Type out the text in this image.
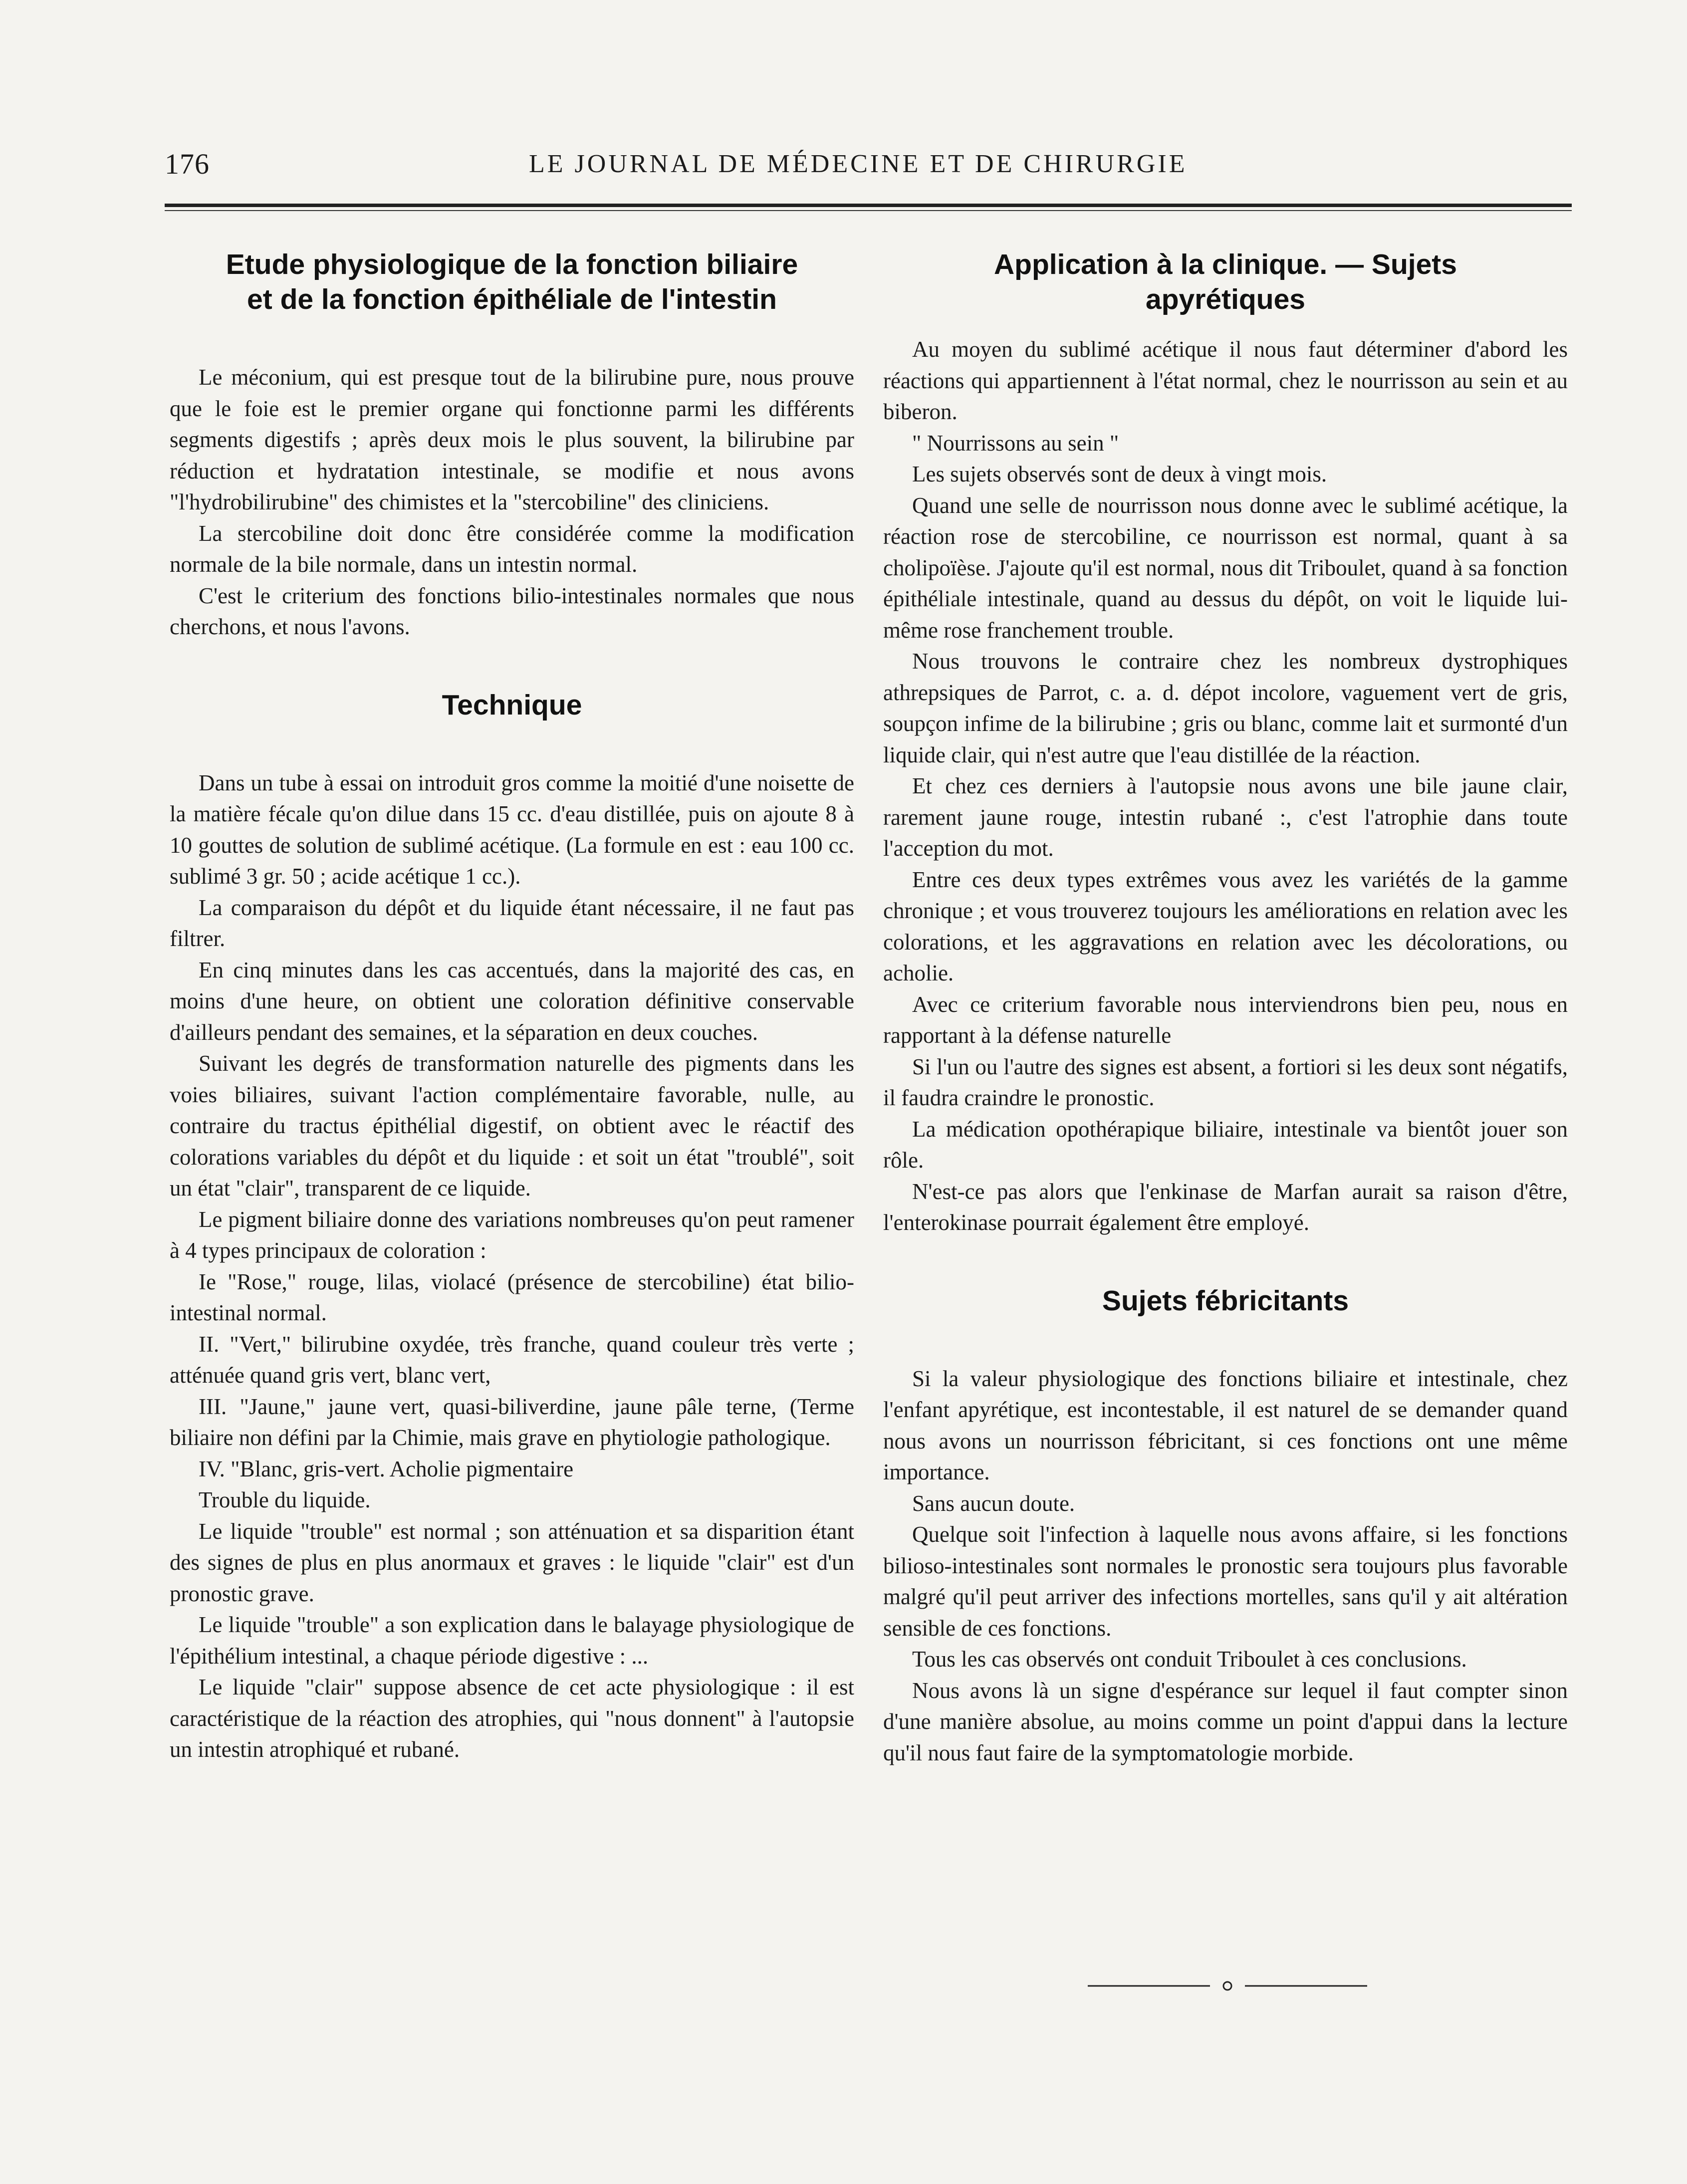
176	LE JOURNAL DE MÉDECINE ET DE CHIRURGIE
Etude physiologique de la fonction biliaire
et de la fonction épithéliale de l'intestin

Le méconium, qui est presque tout de la bilirubine pure, nous prouve que le foie est le premier organe qui fonctionne parmi les différents segments digestifs ; après deux mois le plus souvent, la bilirubine par réduction et hydratation intestinale, se modifie et nous avons "l'hydrobilirubine" des chimistes et la "stercobiline" des cliniciens.

La stercobiline doit donc être considérée comme la modification normale de la bile normale, dans un intestin normal.

C'est le criterium des fonctions bilio-intestinales normales que nous cherchons, et nous l'avons.

Technique

Dans un tube à essai on introduit gros comme la moitié d'une noisette de la matière fécale qu'on dilue dans 15 cc. d'eau distillée, puis on ajoute 8 à 10 gouttes de solution de sublimé acétique. (La formule en est : eau 100 cc. sublimé 3 gr. 50 ; acide acétique 1 cc.).

La comparaison du dépôt et du liquide étant nécessaire, il ne faut pas filtrer.

En cinq minutes dans les cas accentués, dans la majorité des cas, en moins d'une heure, on obtient une coloration définitive conservable d'ailleurs pendant des semaines, et la séparation en deux couches.

Suivant les degrés de transformation naturelle des pigments dans les voies biliaires, suivant l'action complémentaire favorable, nulle, au contraire du tractus épithélial digestif, on obtient avec le réactif des colorations variables du dépôt et du liquide : et soit un état "troublé", soit un état "clair", transparent de ce liquide.

Le pigment biliaire donne des variations nombreuses qu'on peut ramener à 4 types principaux de coloration :

Ie "Rose," rouge, lilas, violacé (présence de stercobiline) état bilio-intestinal normal.

II. "Vert," bilirubine oxydée, très franche, quand couleur très verte ; atténuée quand gris vert, blanc vert,

III. "Jaune," jaune vert, quasi-biliverdine, jaune pâle terne, (Terme biliaire non défini par la Chimie, mais grave en phytiologie pathologique.

IV. "Blanc, gris-vert. Acholie pigmentaire

Trouble du liquide.

Le liquide "trouble" est normal ; son atténuation et sa disparition étant des signes de plus en plus anormaux et graves : le liquide "clair" est d'un pronostic grave.

Le liquide "trouble" a son explication dans le balayage physiologique de l'épithélium intestinal, a chaque période digestive : ...

Le liquide "clair" suppose absence de cet acte physiologique : il est caractéristique de la réaction des atrophies, qui "nous donnent" à l'autopsie un intestin atrophiqué et rubané.

Application à la clinique. — Sujets
apyrétiques

Au moyen du sublimé acétique il nous faut déterminer d'abord les réactions qui appartiennent à l'état normal, chez le nourrisson au sein et au biberon.

" Nourrissons au sein "

Les sujets observés sont de deux à vingt mois.

Quand une selle de nourrisson nous donne avec le sublimé acétique, la réaction rose de stercobiline, ce nourrisson est normal, quant à sa cholipoïèse. J'ajoute qu'il est normal, nous dit Triboulet, quand à sa fonction épithéliale intestinale, quand au dessus du dépôt, on voit le liquide lui-même rose franchement trouble.

Nous trouvons le contraire chez les nombreux dystrophiques athrepsiques de Parrot, c. a. d. dépot incolore, vaguement vert de gris, soupçon infime de la bilirubine ; gris ou blanc, comme lait et surmonté d'un liquide clair, qui n'est autre que l'eau distillée de la réaction.

Et chez ces derniers à l'autopsie nous avons une bile jaune clair, rarement jaune rouge, intestin rubané :, c'est l'atrophie dans toute l'acception du mot.

Entre ces deux types extrêmes vous avez les variétés de la gamme chronique ; et vous trouverez toujours les améliorations en relation avec les colorations, et les aggravations en relation avec les décolorations, ou acholie.

Avec ce criterium favorable nous interviendrons bien peu, nous en rapportant à la défense naturelle

Si l'un ou l'autre des signes est absent, a fortiori si les deux sont négatifs, il faudra craindre le pronostic.

La médication opothérapique biliaire, intestinale va bientôt jouer son rôle.

N'est-ce pas alors que l'enkinase de Marfan aurait sa raison d'être, l'enterokinase pourrait également être employé.

Sujets fébricitants

Si la valeur physiologique des fonctions biliaire et intestinale, chez l'enfant apyrétique, est incontestable, il est naturel de se demander quand nous avons un nourrisson fébricitant, si ces fonctions ont une même importance.

Sans aucun doute.

Quelque soit l'infection à laquelle nous avons affaire, si les fonctions bilioso-intestinales sont normales le pronostic sera toujours plus favorable malgré qu'il peut arriver des infections mortelles, sans qu'il y ait altération sensible de ces fonctions.

Tous les cas observés ont conduit Triboulet à ces conclusions.

Nous avons là un signe d'espérance sur lequel il faut compter sinon d'une manière absolue, au moins comme un point d'appui dans la lecture qu'il nous faut faire de la symptomatologie morbide.
